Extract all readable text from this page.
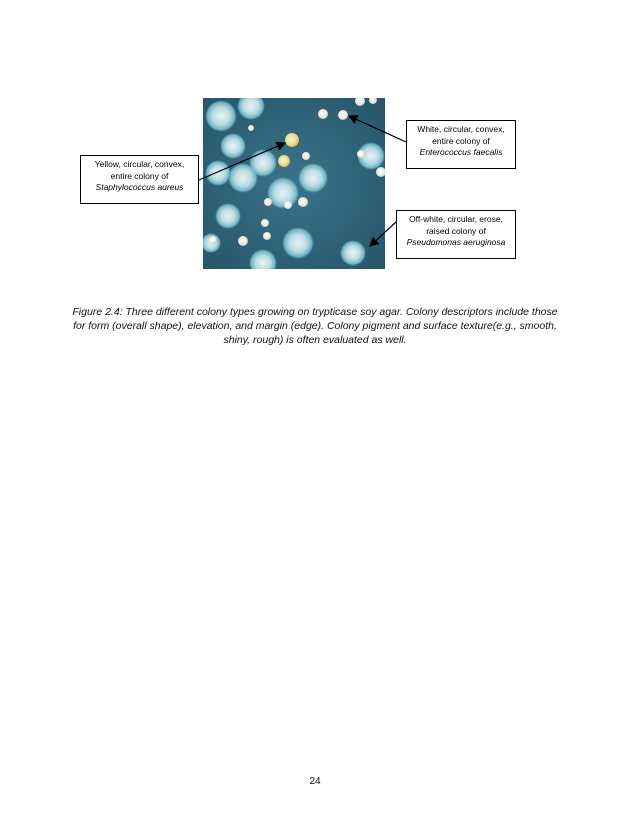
White, circular, convex,
entire colony of
Enterococcus faecalis
Yellow, circular, convex,
entire colony of
Staphylococcus aureus
Off-white, circular, erose,
raised colony of
Pseudomonas aeruginosa
Figure 2.4: Three different colony types growing on trypticase soy agar. Colony descriptors include those for form (overall shape), elevation, and margin (edge). Colony pigment and surface texture(e.g., smooth, shiny, rough) is often evaluated as well.
24
